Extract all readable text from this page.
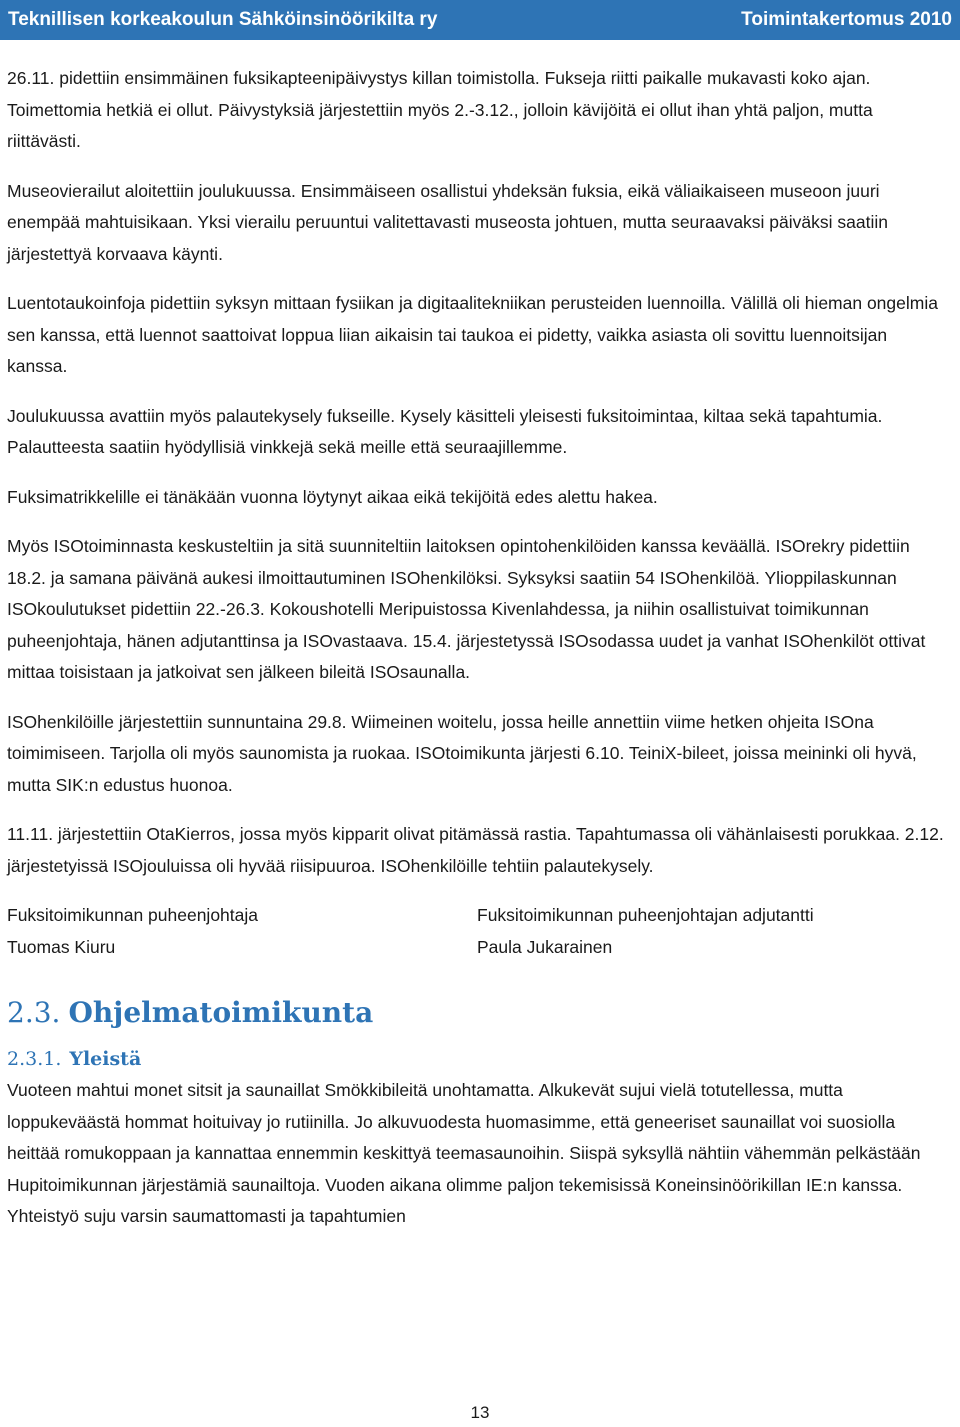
Teknillisen korkeakoulun Sähköinsinöörikilta ry	Toimintakertomus 2010

26.11. pidettiin ensimmäinen fuksikapteenipäivystys killan toimistolla. Fukseja riitti paikalle mukavasti koko ajan. Toimettomia hetkiä ei ollut. Päivystyksiä järjestettiin myös 2.-3.12., jolloin kävijöitä ei ollut ihan yhtä paljon, mutta riittävästi.

Museovierailut aloitettiin joulukuussa. Ensimmäiseen osallistui yhdeksän fuksia, eikä väliaikaiseen museoon juuri enempää mahtuisikaan. Yksi vierailu peruuntui valitettavasti museosta johtuen, mutta seuraavaksi päiväksi saatiin järjestettyä korvaava käynti.

Luentotaukoinfoja pidettiin syksyn mittaan fysiikan ja digitaalitekniikan perusteiden luennoilla. Välillä oli hieman ongelmia sen kanssa, että luennot saattoivat loppua liian aikaisin tai taukoa ei pidetty, vaikka asiasta oli sovittu luennoitsijan kanssa.

Joulukuussa avattiin myös palautekysely fukseille. Kysely käsitteli yleisesti fuksitoimintaa, kiltaa sekä tapahtumia. Palautteesta saatiin hyödyllisiä vinkkejä sekä meille että seuraajillemme.

Fuksimatrikkelille ei tänäkään vuonna löytynyt aikaa eikä tekijöitä edes alettu hakea.

Myös ISOtoiminnasta keskusteltiin ja sitä suunniteltiin laitoksen opintohenkilöiden kanssa keväällä. ISOrekry pidettiin 18.2. ja samana päivänä aukesi ilmoittautuminen ISOhenkilöksi. Syksyksi saatiin 54 ISOhenkilöä. Ylioppilaskunnan ISOkoulutukset pidettiin 22.-26.3. Kokoushotelli Meripuistossa Kivenlahdessa, ja niihin osallistuivat toimikunnan puheenjohtaja, hänen adjutanttinsa ja ISOvastaava. 15.4. järjestetyssä ISOsodassa uudet ja vanhat ISOhenkilöt ottivat mittaa toisistaan ja jatkoivat sen jälkeen bileitä ISOsaunalla.

ISOhenkilöille järjestettiin sunnuntaina 29.8. Wiimeinen woitelu, jossa heille annettiin viime hetken ohjeita ISOna toimimiseen. Tarjolla oli myös saunomista ja ruokaa. ISOtoimikunta järjesti 6.10. TeiniX-bileet, joissa meininki oli hyvä, mutta SIK:n edustus huonoa.

11.11. järjestettiin OtaKierros, jossa myös kipparit olivat pitämässä rastia. Tapahtumassa oli vähänlaisesti porukkaa. 2.12. järjestetyissä ISOjouluissa oli hyvää riisipuuroa. ISOhenkilöille tehtiin palautekysely.

Fuksitoimikunnan puheenjohtaja

Tuomas Kiuru

Fuksitoimikunnan puheenjohtajan adjutantti

Paula Jukarainen

2.3. Ohjelmatoimikunta
2.3.1. Yleistä

Vuoteen mahtui monet sitsit ja saunaillat Smökkibileitä unohtamatta. Alkukevät sujui vielä totutellessa, mutta loppukeväästä hommat hoituivay jo rutiinilla. Jo alkuvuodesta huomasimme, että geneeriset saunaillat voi suosiolla heittää romukoppaan ja kannattaa ennemmin keskittyä teemasaunoihin. Siispä syksyllä nähtiin vähemmän pelkästään Hupitoimikunnan järjestämiä saunailtoja. Vuoden aikana olimme paljon tekemisissä Koneinsinöörikillan IE:n kanssa. Yhteistyö suju varsin saumattomasti ja tapahtumien

13
